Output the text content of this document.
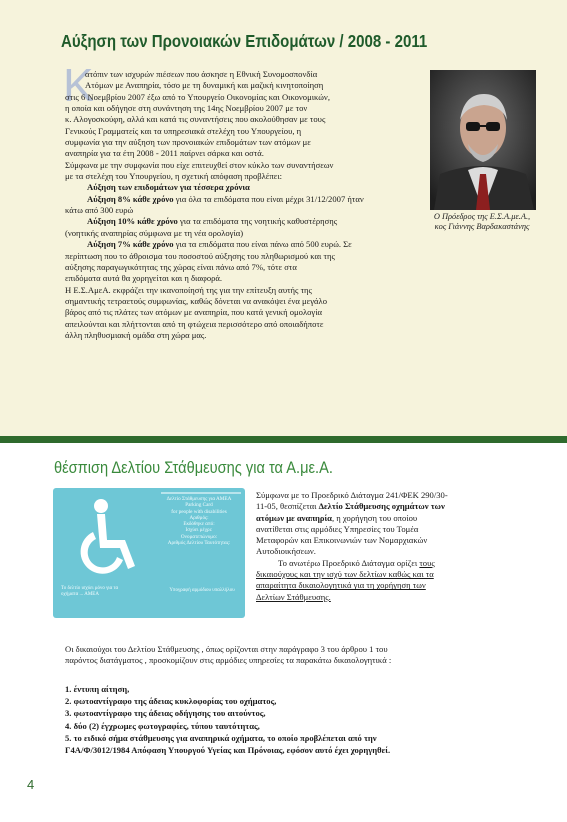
Αύξηση των Προνοιακών Επιδομάτων / 2008 - 2011
Κ
Ο Πρόεδρος της Ε.Σ.Α.με.Α.,
κος Γιάννης Βαρδακαστάνης

ατόπιν των ισχυρών πιέσεων που άσκησε η Εθνική Συνομοσπονδία

Ατόμων με Αναπηρία, τόσο με τη δυναμική και μαζική κινητοποίηση

στις 6 Νοεμβρίου 2007 έξω από το Υπουργείο Οικονομίας και Οικονομικών,

η οποία και οδήγησε στη συνάντηση της 14ης Νοεμβρίου 2007 με τον

κ. Αλογοσκούφη, αλλά και κατά τις συναντήσεις που ακολούθησαν με τους

Γενικούς Γραμματείς και τα υπηρεσιακά στελέχη του Υπουργείου, η

συμφωνία για την αύξηση των προνοιακών επιδομάτων των ατόμων με

αναπηρία για τα έτη 2008 - 2011 παίρνει σάρκα και οστά.

Σύμφωνα με την συμφωνία που είχε επιτευχθεί στον κύκλο των συναντήσεων

με τα στελέχη του Υπουργείου, η σχετική απόφαση προβλέπει:

Αύξηση των επιδομάτων για τέσσερα χρόνια

Αύξηση 8% κάθε χρόνο για όλα τα επιδόματα που είναι μέχρι 31/12/2007 ήταν

κάτω από 300 ευρώ

Αύξηση 10% κάθε χρόνο για τα επιδόματα της νοητικής καθυστέρησης

(νοητικής αναπηρίας σύμφωνα με τη νέα ορολογία)

Αύξηση 7% κάθε χρόνο για τα επιδόματα που είναι πάνω από 500 ευρώ. Σε

περίπτωση που το άθροισμα του ποσοστού αύξησης του πληθωρισμού και της

αύξησης παραγωγικότητας της χώρας είναι πάνω από 7%, τότε στα

επιδόματα αυτά θα χορηγείται και η διαφορά.

Η Ε.Σ.ΑμεΑ. εκφράζει την ικανοποίησή της για την επίτευξη αυτής της

σημαντικής τετραετούς συμφωνίας, καθώς δόνεται να ανακόψει ένα μεγάλο

βάρος από τις πλάτες των ατόμων με αναπηρία, που κατά γενική ομολογία

απειλούνται και πλήττονται από τη φτώχεια περισσότερο από οποιαδήποτε

άλλη πληθυσμιακή ομάδα στη χώρα μας.

θέσπιση Δελτίου Στάθμευσης για τα Α.με.Α.
Δελτίο Στάθμευσης για ΑΜΕΑ
Parking Card
for people with disabilities
Αριθμός:
Εκδόθηκε από:
Ισχύει μέχρι:
Ονοματεπώνυμο:
Αριθμός Δελτίου Ταυτότητας:
Το δελτίο ισχύει μόνο για τα οχήματα ... ΑΜΕΑ
Υπογραφή αρμόδιου υπαλλήλου

Σύμφωνα με το Προεδρικό Διάταγμα 241/ΦΕΚ 290/30-

11-05, θεσπίζεται Δελτίο Στάθμευσης οχημάτων των

ατόμων με αναπηρία, η χορήγηση του οποίου

ανατίθεται στις αρμόδιες Υπηρεσίες του Τομέα

Μεταφορών και Επικοινωνιών των Νομαρχιακών

Αυτοδιοικήσεων.

Το ανωτέρω Προεδρικό Διάταγμα ορίζει τους

δικαιούχους και την ισχύ των δελτίων καθώς και τα

απαραίτητα δικαιολογητικά για τη χορήγηση των

Δελτίων Στάθμευσης.

Οι δικαιούχοι του Δελτίου Στάθμευσης , όπως ορίζονται στην παράγραφο 3 του άρθρου 1 του
παρόντος διατάγματος , προσκομίζουν στις αρμόδιες υπηρεσίες τα παρακάτω δικαιολογητικά :
1. έντυπη αίτηση,
2. φωτοαντίγραφο της άδειας κυκλοφορίας του οχήματος,
3. φωτοαντίγραφο της άδειας οδήγησης του αιτούντος,
4. δύο (2) έγχρωμες φωτογραφίες, τύπου ταυτότητας,
5. το ειδικό σήμα στάθμευσης για αναπηρικά οχήματα, το οποίο προβλέπεται από την
Γ4Α/Φ/3012/1984 Απόφαση Υπουργού Υγείας και Πρόνοιας, εφόσον αυτό έχει χορηγηθεί.
4
